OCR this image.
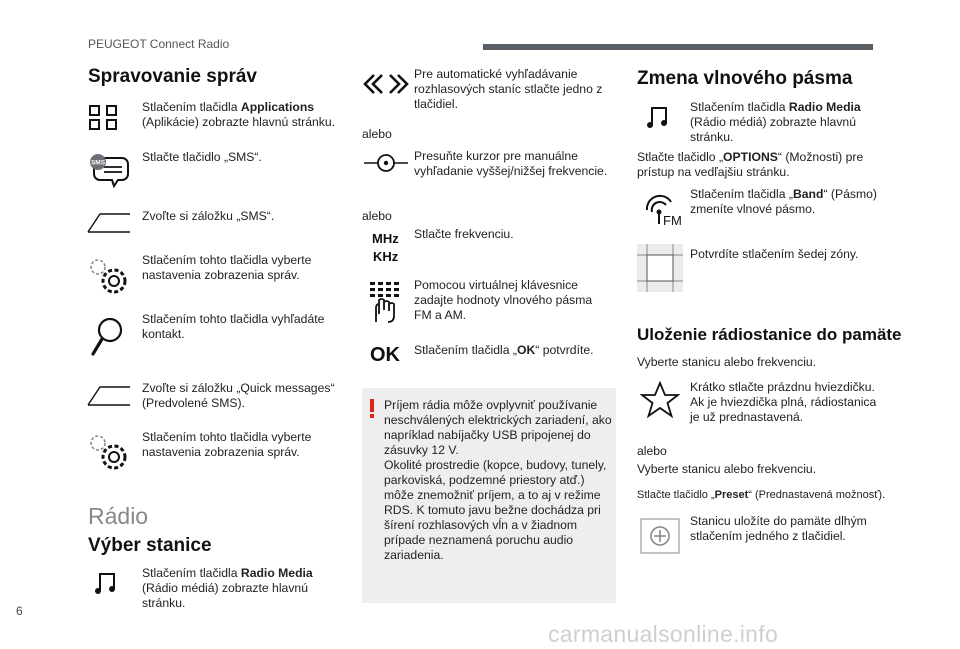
PEUGEOT Connect Radio
Spravovanie správ
Stlačením tlačidla Applications (Aplikácie) zobrazte hlavnú stránku.
SMS	Stlačte tlačidlo „SMS“.
Zvoľte si záložku „SMS“.
Stlačením tohto tlačidla vyberte nastavenia zobrazenia správ.
Stlačením tohto tlačidla vyhľadáte kontakt.
Zvoľte si záložku „Quick messages“ (Predvolené SMS).
Stlačením tohto tlačidla vyberte nastavenia zobrazenia správ.
Rádio
Výber stanice
Stlačením tlačidla Radio Media (Rádio médiá) zobrazte hlavnú stránku.
Pre automatické vyhľadávanie rozhlasových staníc stlačte jedno z tlačidiel.
alebo
Presuňte kurzor pre manuálne vyhľadanie vyššej/nižšej frekvencie.
alebo
MHz
KHz
Stlačte frekvenciu.
Pomocou virtuálnej klávesnice zadajte hodnoty vlnového pásma FM a AM.
OK Stlačením tlačidla „OK“ potvrdíte.
Príjem rádia môže ovplyvniť používanie neschválených elektrických zariadení, ako napríklad nabíjačky USB pripojenej do zásuvky 12 V.
Okolité prostredie (kopce, budovy, tunely, parkoviská, podzemné priestory atď.) môže znemožniť príjem, a to aj v režime RDS. K tomuto javu bežne dochádza pri šírení rozhlasových vĺn a v žiadnom prípade neznamená poruchu audio zariadenia.
Zmena vlnového pásma
Stlačením tlačidla Radio Media (Rádio médiá) zobrazte hlavnú stránku.
Stlačte tlačidlo „OPTIONS“ (Možnosti) pre prístup na vedľajšiu stránku.
FM
Stlačením tlačidla „Band“ (Pásmo) zmeníte vlnové pásmo.
Potvrdíte stlačením šedej zóny.
Uloženie rádiostanice do pamäte
Vyberte stanicu alebo frekvenciu.
Krátko stlačte prázdnu hviezdičku. Ak je hviezdička plná, rádiostanica je už prednastavená.
alebo
Vyberte stanicu alebo frekvenciu.
Stlačte tlačidlo „Preset“ (Prednastavená možnosť).
Stanicu uložíte do pamäte dlhým stlačením jedného z tlačidiel.
6
carmanualsonline.info
